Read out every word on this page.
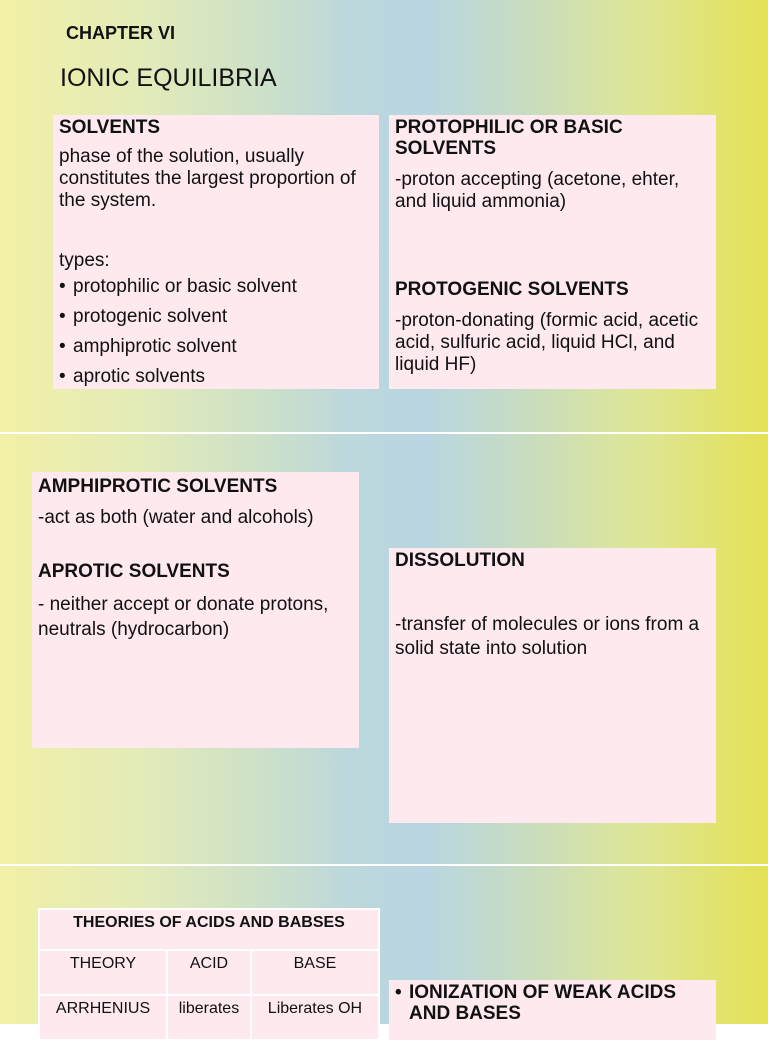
CHAPTER VI
IONIC EQUILIBRIA
SOLVENTS

phase of the solution, usually constitutes the largest proportion of the system.

types:

• protophilic or basic solvent
• protogenic solvent
• amphiprotic solvent
• aprotic solvents
PROTOPHILIC OR BASIC SOLVENTS

-proton accepting (acetone, ehter, and liquid ammonia)

PROTOGENIC SOLVENTS

-proton-donating (formic acid, acetic acid, sulfuric acid, liquid HCl, and liquid HF)

AMPHIPROTIC SOLVENTS

-act as both (water and alcohols)

APROTIC SOLVENTS

- neither accept or donate protons, neutrals (hydrocarbon)

DISSOLUTION

-transfer of molecules or ions from a solid state into solution

THEORIES OF ACIDS AND BABSES		
THEORY	ACID	BASE
ARRHENIUS	liberates	Liberates OH
• IONIZATION OF WEAK ACIDS AND BASES
